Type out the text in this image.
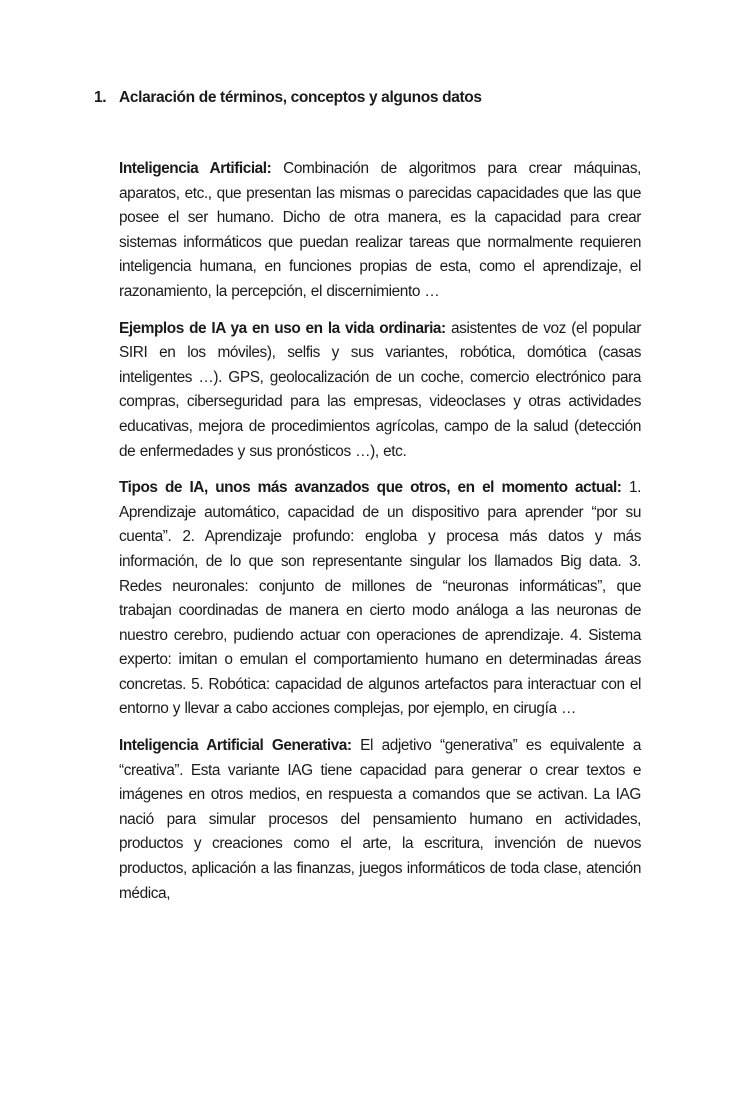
1. Aclaración de términos, conceptos y algunos datos

Inteligencia Artificial: Combinación de algoritmos para crear máquinas, aparatos, etc., que presentan las mismas o parecidas capacidades que las que posee el ser humano. Dicho de otra manera, es la capacidad para crear sistemas informáticos que puedan realizar tareas que normalmente requieren inteligencia humana, en funciones propias de esta, como el aprendizaje, el razonamiento, la percepción, el discernimiento …

Ejemplos de IA ya en uso en la vida ordinaria: asistentes de voz (el popular SIRI en los móviles), selfis y sus variantes, robótica, domótica (casas inteligentes …). GPS, geolocalización de un coche, comercio electrónico para compras, ciberseguridad para las empresas, videoclases y otras actividades educativas, mejora de procedimientos agrícolas, campo de la salud (detección de enfermedades y sus pronósticos …), etc.

Tipos de IA, unos más avanzados que otros, en el momento actual: 1. Aprendizaje automático, capacidad de un dispositivo para aprender “por su cuenta”. 2. Aprendizaje profundo: engloba y procesa más datos y más información, de lo que son representante singular los llamados Big data. 3. Redes neuronales: conjunto de millones de “neuronas informáticas”, que trabajan coordinadas de manera en cierto modo análoga a las neuronas de nuestro cerebro, pudiendo actuar con operaciones de aprendizaje. 4. Sistema experto: imitan o emulan el comportamiento humano en determinadas áreas concretas. 5. Robótica: capacidad de algunos artefactos para interactuar con el entorno y llevar a cabo acciones complejas, por ejemplo, en cirugía …

Inteligencia Artificial Generativa: El adjetivo “generativa” es equivalente a “creativa”. Esta variante IAG tiene capacidad para generar o crear textos e imágenes en otros medios, en respuesta a comandos que se activan. La IAG nació para simular procesos del pensamiento humano en actividades, productos y creaciones como el arte, la escritura, invención de nuevos productos, aplicación a las finanzas, juegos informáticos de toda clase, atención médica,
